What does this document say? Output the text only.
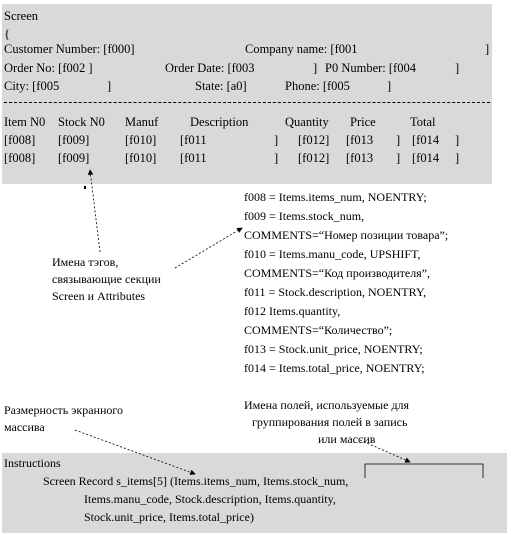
Screen
{
Customer Number: [f000]	Company name: [f001	]
Order No: [f002 ]	Order Date: [f003	] P0 Number: [f004	]
City: [f005	]	State: [a0]	Phone: [f005	]
Item N0 Stock N0 Manuf	Description	Quantity Price	Total
[f008] [f009]	[f010] [f011	] [f012] [f013 ] [f014 ]
[f008] [f009]	[f010] [f011	] [f012] [f013 ] [f014 ]
f008 = Items.items_num, NOENTRY;
f009 = Items.stock_num,
COMMENTS=“Номер позиции товара”;
f010 = Items.manu_code, UPSHIFT,
COMMENTS=“Код производителя”,
f011 = Stock.description, NOENTRY,
f012 Items.quantity,
COMMENTS=“Количество”;
f013 = Stock.unit_price, NOENTRY;
f014 = Items.total_price, NOENTRY;
Имена тэгов,
связывающие секции
Screen и Attributes
Размерность экранного
массива
Имена полей, используемые для
группирования полей в запись
или массив
Instructions
Screen Record s_items[5] (Items.items_num, Items.stock_num,
Items.manu_code, Stock.description, Items.quantity,
Stock.unit_price, Items.total_price)
